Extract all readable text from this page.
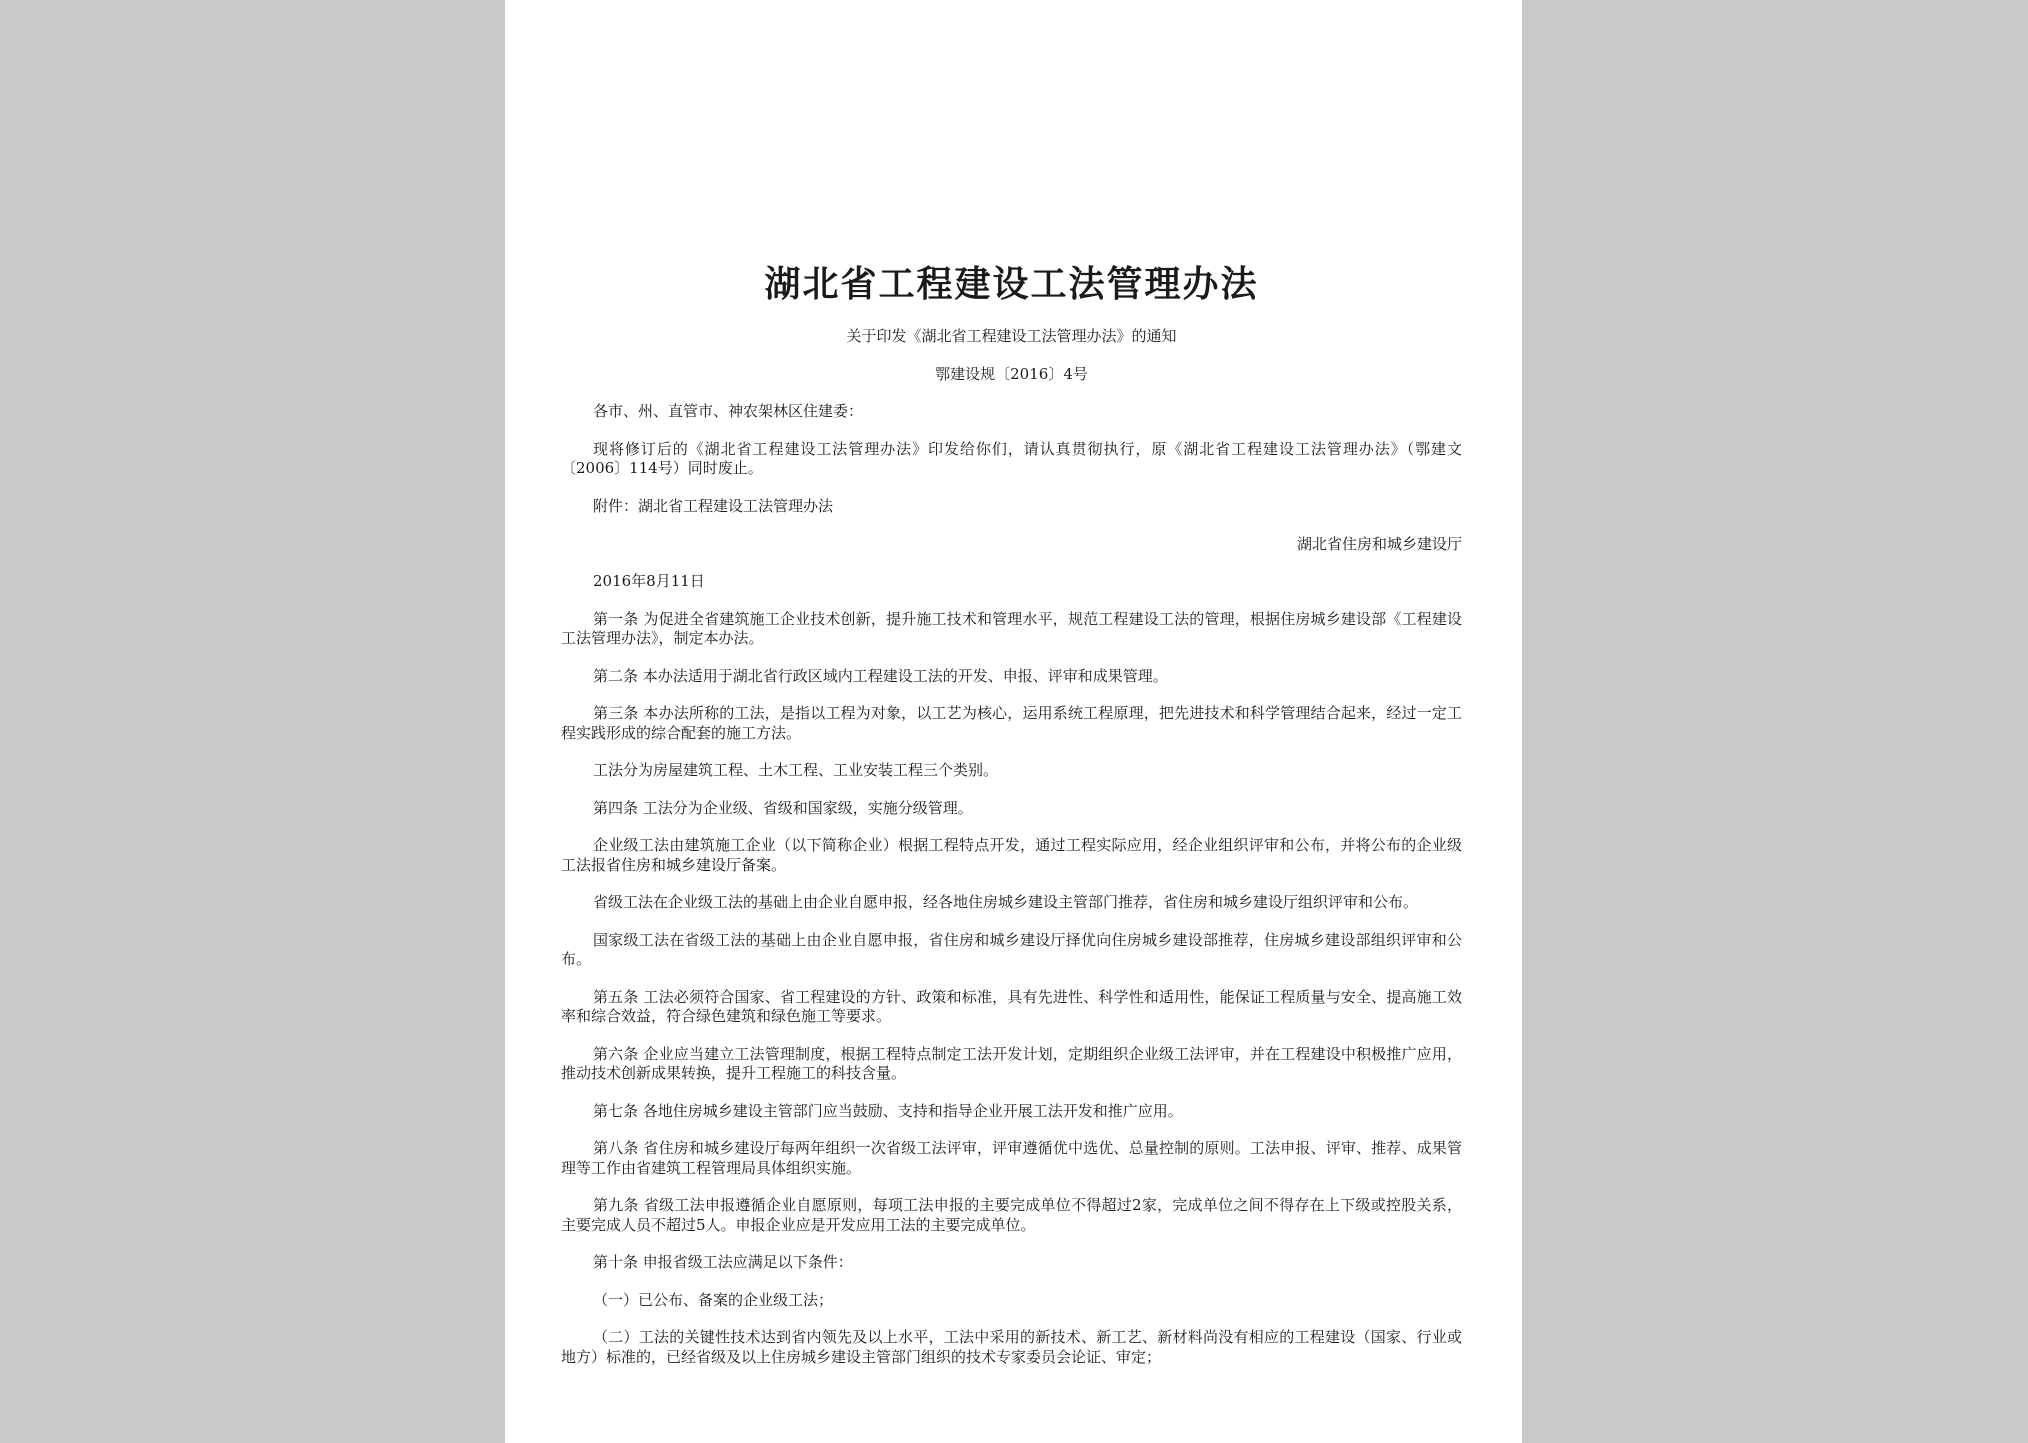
湖北省工程建设工法管理办法
关于印发《湖北省工程建设工法管理办法》的通知
鄂建设规〔2016〕4号

各市、州、直管市、神农架林区住建委：

现将修订后的《湖北省工程建设工法管理办法》印发给你们，请认真贯彻执行，原《湖北省工程建设工法管理办法》（鄂建文〔2006〕114号）同时废止。

附件：湖北省工程建设工法管理办法

湖北省住房和城乡建设厅

2016年8月11日

第一条 为促进全省建筑施工企业技术创新，提升施工技术和管理水平，规范工程建设工法的管理，根据住房城乡建设部《工程建设工法管理办法》，制定本办法。

第二条 本办法适用于湖北省行政区域内工程建设工法的开发、申报、评审和成果管理。

第三条 本办法所称的工法，是指以工程为对象，以工艺为核心，运用系统工程原理，把先进技术和科学管理结合起来，经过一定工程实践形成的综合配套的施工方法。

工法分为房屋建筑工程、土木工程、工业安装工程三个类别。

第四条 工法分为企业级、省级和国家级，实施分级管理。

企业级工法由建筑施工企业（以下简称企业）根据工程特点开发，通过工程实际应用，经企业组织评审和公布，并将公布的企业级工法报省住房和城乡建设厅备案。

省级工法在企业级工法的基础上由企业自愿申报，经各地住房城乡建设主管部门推荐，省住房和城乡建设厅组织评审和公布。

国家级工法在省级工法的基础上由企业自愿申报，省住房和城乡建设厅择优向住房城乡建设部推荐，住房城乡建设部组织评审和公布。

第五条 工法必须符合国家、省工程建设的方针、政策和标准，具有先进性、科学性和适用性，能保证工程质量与安全、提高施工效率和综合效益，符合绿色建筑和绿色施工等要求。

第六条 企业应当建立工法管理制度，根据工程特点制定工法开发计划，定期组织企业级工法评审，并在工程建设中积极推广应用，推动技术创新成果转换，提升工程施工的科技含量。

第七条 各地住房城乡建设主管部门应当鼓励、支持和指导企业开展工法开发和推广应用。

第八条 省住房和城乡建设厅每两年组织一次省级工法评审，评审遵循优中选优、总量控制的原则。工法申报、评审、推荐、成果管理等工作由省建筑工程管理局具体组织实施。

第九条 省级工法申报遵循企业自愿原则，每项工法申报的主要完成单位不得超过2家，完成单位之间不得存在上下级或控股关系，主要完成人员不超过5人。申报企业应是开发应用工法的主要完成单位。

第十条 申报省级工法应满足以下条件：

（一）已公布、备案的企业级工法；

（二）工法的关键性技术达到省内领先及以上水平，工法中采用的新技术、新工艺、新材料尚没有相应的工程建设（国家、行业或地方）标准的，已经省级及以上住房城乡建设主管部门组织的技术专家委员会论证、审定；
